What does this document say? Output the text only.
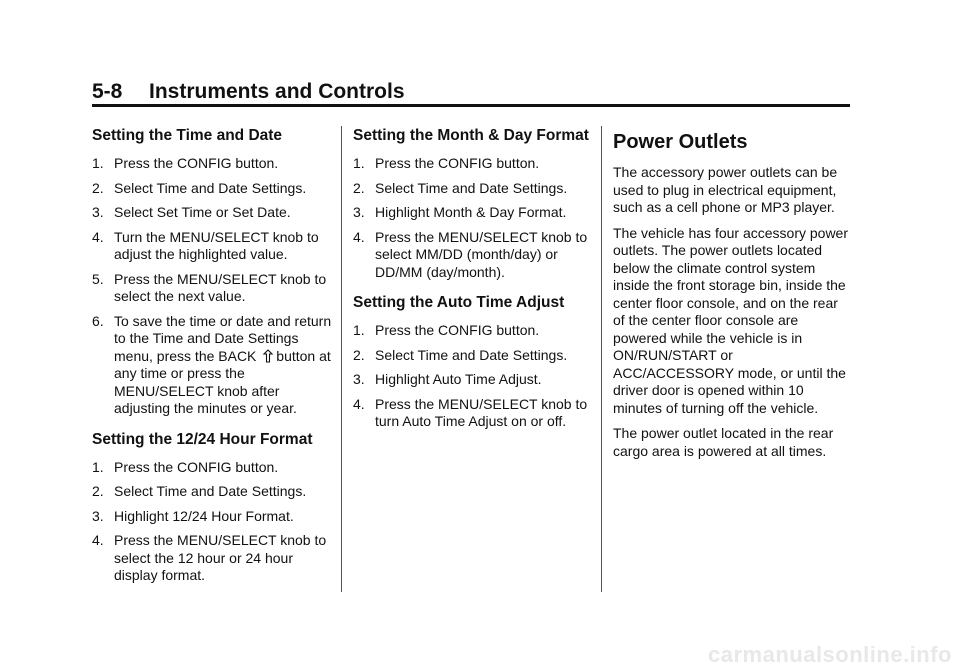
5-8 Instruments and Controls
Setting the Time and Date
1. Press the CONFIG button.
2. Select Time and Date Settings.
3. Select Set Time or Set Date.
4. Turn the MENU/SELECT knob to adjust the highlighted value.
5. Press the MENU/SELECT knob to select the next value.
6. To save the time or date and return to the Time and Date Settings menu, press the BACK button at any time or press the MENU/SELECT knob after adjusting the minutes or year.
Setting the 12/24 Hour Format
1. Press the CONFIG button.
2. Select Time and Date Settings.
3. Highlight 12/24 Hour Format.
4. Press the MENU/SELECT knob to select the 12 hour or 24 hour display format.
Setting the Month & Day Format
1. Press the CONFIG button.
2. Select Time and Date Settings.
3. Highlight Month & Day Format.
4. Press the MENU/SELECT knob to select MM/DD (month/day) or DD/MM (day/month).
Setting the Auto Time Adjust
1. Press the CONFIG button.
2. Select Time and Date Settings.
3. Highlight Auto Time Adjust.
4. Press the MENU/SELECT knob to turn Auto Time Adjust on or off.
Power Outlets

The accessory power outlets can be used to plug in electrical equipment, such as a cell phone or MP3 player.

The vehicle has four accessory power outlets. The power outlets located below the climate control system inside the front storage bin, inside the center floor console, and on the rear of the center floor console are powered while the vehicle is in ON/RUN/START or ACC/ACCESSORY mode, or until the driver door is opened within 10 minutes of turning off the vehicle.

The power outlet located in the rear cargo area is powered at all times.

carmanualsonline.info
